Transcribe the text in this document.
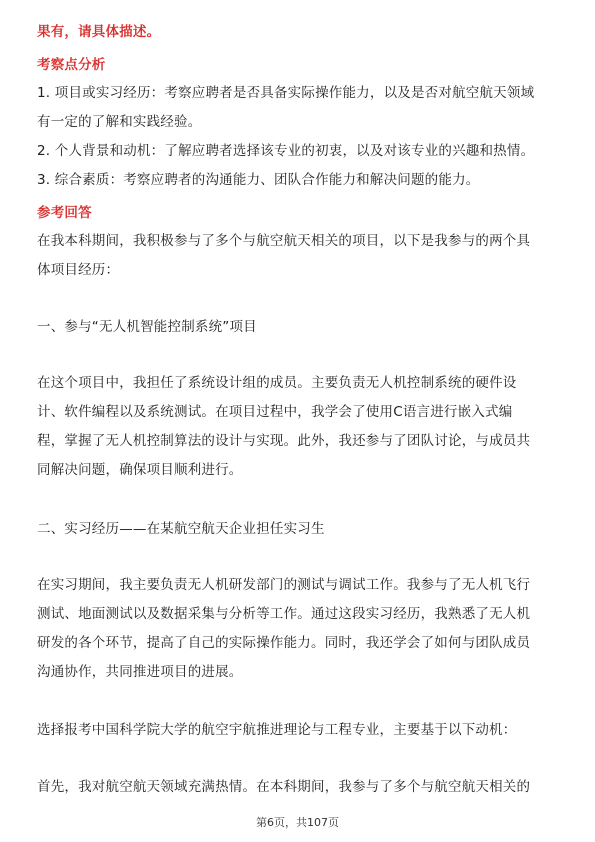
果有，请具体描述。
考察点分析
1. 项目或实习经历：考察应聘者是否具备实际操作能力，以及是否对航空航天领域
有一定的了解和实践经验。
2. 个人背景和动机：了解应聘者选择该专业的初衷，以及对该专业的兴趣和热情。
3. 综合素质：考察应聘者的沟通能力、团队合作能力和解决问题的能力。
参考回答
在我本科期间，我积极参与了多个与航空航天相关的项目，以下是我参与的两个具
体项目经历：
一、参与“无人机智能控制系统”项目
在这个项目中，我担任了系统设计组的成员。主要负责无人机控制系统的硬件设
计、软件编程以及系统测试。在项目过程中，我学会了使用C语言进行嵌入式编
程，掌握了无人机控制算法的设计与实现。此外，我还参与了团队讨论，与成员共
同解决问题，确保项目顺利进行。
二、实习经历——在某航空航天企业担任实习生
在实习期间，我主要负责无人机研发部门的测试与调试工作。我参与了无人机飞行
测试、地面测试以及数据采集与分析等工作。通过这段实习经历，我熟悉了无人机
研发的各个环节，提高了自己的实际操作能力。同时，我还学会了如何与团队成员
沟通协作，共同推进项目的进展。
选择报考中国科学院大学的航空宇航推进理论与工程专业，主要基于以下动机：
首先，我对航空航天领域充满热情。在本科期间，我参与了多个与航空航天相关的
第6页，共107页
